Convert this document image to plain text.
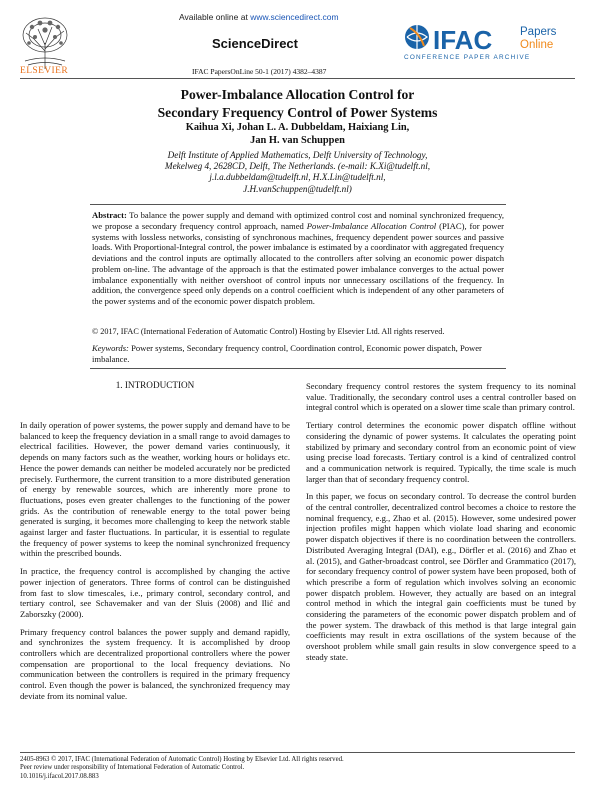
ELSEVIER
Available online at www.sciencedirect.com
ScienceDirect
IFAC PapersOnLine 50-1 (2017) 4382–4387
IFAC Papers
Online
CONFERENCE PAPER ARCHIVE
Power-Imbalance Allocation Control for
Secondary Frequency Control of Power Systems
Kaihua Xi, Johan L. A. Dubbeldam, Haixiang Lin,
Jan H. van Schuppen
Delft Institute of Applied Mathematics, Delft University of Technology,
Mekelweg 4, 2628CD, Delft, The Netherlands. (e-mail: K.Xi@tudelft.nl,
j.l.a.dubbeldam@tudelft.nl, H.X.Lin@tudelft.nl,
J.H.vanSchuppen@tudelft.nl)
Abstract: To balance the power supply and demand with optimized control cost and nominal synchronized frequency, we propose a secondary frequency control approach, named Power-Imbalance Allocation Control (PIAC), for power systems with lossless networks, consisting of synchronous machines, frequency dependent power sources and passive loads. With Proportional-Integral control, the power imbalance is estimated by a coordinator with aggregated frequency deviations and the control inputs are optimally allocated to the controllers after solving an economic power dispatch problem on-line. The advantage of the approach is that the estimated power imbalance converges to the actual power imbalance exponentially with neither overshoot of control inputs nor unnecessary oscillations of the frequency. In addition, the convergence speed only depends on a control coefficient which is independent of any other parameters of the power systems and of the economic power dispatch problem.
© 2017, IFAC (International Federation of Automatic Control) Hosting by Elsevier Ltd. All rights reserved.
Keywords: Power systems, Secondary frequency control, Coordination control, Economic power dispatch, Power imbalance.
1. INTRODUCTION

In daily operation of power systems, the power supply and demand have to be balanced to keep the frequency deviation in a small range to avoid damages to electrical facilities. However, the power demand varies continuously, it depends on many factors such as the weather, working hours or holidays etc. Hence the power demands can neither be modeled accurately nor be predicted precisely. Furthermore, the current transition to a more distributed generation of energy by renewable sources, which are inherently more prone to fluctuations, poses even greater challenges to the functioning of the power grids. As the contribution of renewable energy to the total power being generated is surging, it becomes more challenging to keep the network stable against larger and faster fluctuations. In particular, it is essential to regulate the frequency of power systems to keep the nominal synchronized frequency within the prescribed bounds.

In practice, the frequency control is accomplished by changing the active power injection of generators. Three forms of control can be distinguished from fast to slow timescales, i.e., primary control, secondary control, and tertiary control, see Schavemaker and van der Sluis (2008) and Ilić and Zaborszky (2000).

Primary frequency control balances the power supply and demand rapidly, and synchronizes the system frequency. It is accomplished by droop controllers which are decentralized proportional controllers where the power compensation are proportional to the local frequency deviations. No communication between the controllers is required in the primary frequency control. Even though the power is balanced, the synchronized frequency may deviate from its nominal value.

Secondary frequency control restores the system frequency to its nominal value. Traditionally, the secondary control uses a central controller based on integral control which is operated on a slower time scale than primary control.

Tertiary control determines the economic power dispatch offline without considering the dynamic of power systems. It calculates the operating point stabilized by primary and secondary control from an economic point of view using precise load forecasts. Tertiary control is a kind of centralized control and a communication network is required. Typically, the time scale is much larger than that of secondary frequency control.

In this paper, we focus on secondary control. To decrease the control burden of the central controller, decentralized control becomes a choice to restore the nominal frequency, e.g., Zhao et al. (2015). However, some undesired power injection profiles might happen which violate load sharing and economic power dispatch objectives if there is no coordination between the controllers. Distributed Averaging Integral (DAI), e.g., Dörfler et al. (2016) and Zhao et al. (2015), and Gather-broadcast control, see Dörfler and Grammatico (2017), for secondary frequency control of power system have been proposed, both of which prescribe a form of regulation which involves solving an economic power dispatch problem. However, they actually are based on an integral control method in which the integral gain coefficients must be tuned by considering the parameters of the economic power dispatch problem and of the power system. The drawback of this method is that large integral gain coefficients may result in extra oscillations of the system because of the overshoot problem while small gain results in slow convergence speed to a steady state.

2405-8963 © 2017, IFAC (International Federation of Automatic Control) Hosting by Elsevier Ltd. All rights reserved.
Peer review under responsibility of International Federation of Automatic Control.
10.1016/j.ifacol.2017.08.883
